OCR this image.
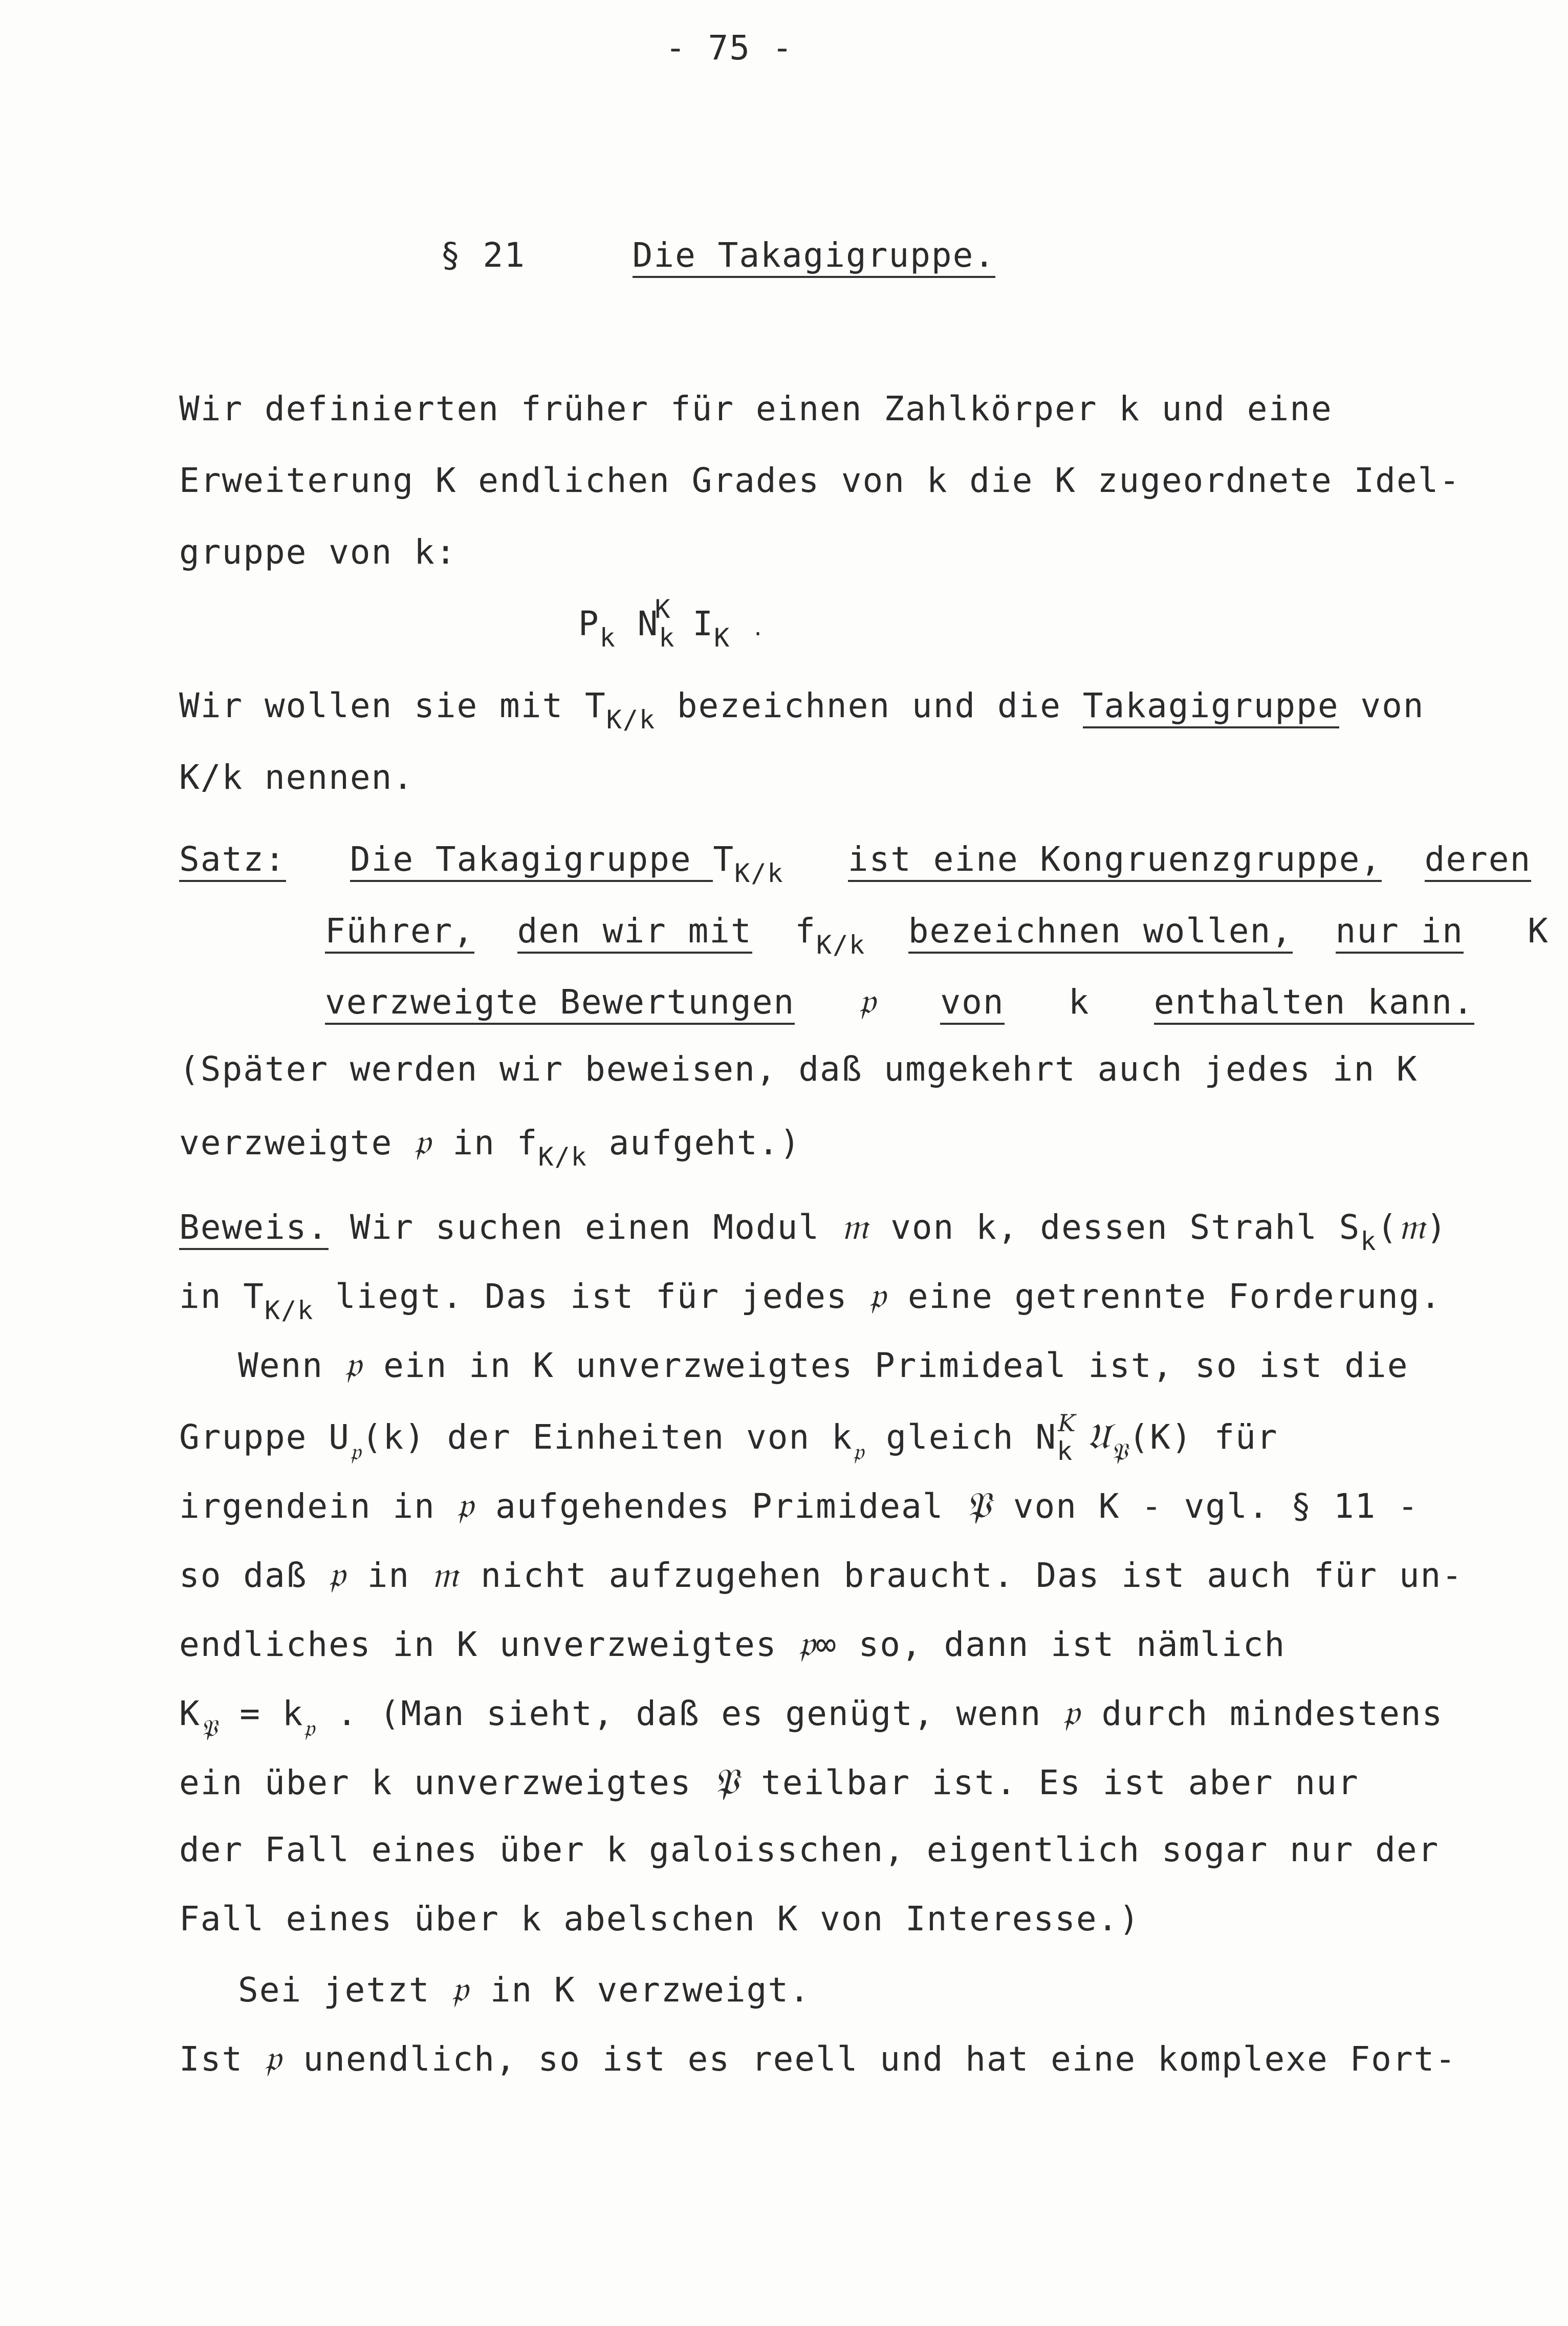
- 75 -
§ 21	Die Takagigruppe.
Wir definierten früher für einen Zahlkörper k und eine
Erweiterung K endlichen Grades von k die K zugeordnete Idel-
gruppe von k:
$P_k$ $N_k^K$ $I_K$ .
Wir wollen sie mit $T_{K/k}$ bezeichnen und die Takagigruppe von
K/k nennen.
Satz: Die Takagigruppe $T_{K/k}$ ist eine Kongruenzgruppe, deren
Führer, den wir mit $f_{K/k}$ bezeichnen wollen, nur in K
verzweigte Bewertungen 𝔭 von k enthalten kann.
(Später werden wir beweisen, daß umgekehrt auch jedes in K
verzweigte 𝔭 in $f_{K/k}$ aufgeht.)
Beweis. Wir suchen einen Modul 𝔪 von k, dessen Strahl $S_k(𝔪)$
in $T_{K/k}$ liegt. Das ist für jedes 𝔭 eine getrennte Forderung.
Wenn 𝔭 ein in K unverzweigtes Primideal ist, so ist die
Gruppe $U_𝔭(k)$ der Einheiten von $k_𝔭$ gleich $N_k^K$ 𝔘$_𝔓$(K) für
irgendein in 𝔭 aufgehendes Primideal 𝔓 von K - vgl. § 11 -
so daß 𝔭 in 𝔪 nicht aufzugehen braucht. Das ist auch für un-
endliches in K unverzweigtes 𝔭∞ so, dann ist nämlich
$K_𝔓 = k_𝔭$ . (Man sieht, daß es genügt, wenn 𝔭 durch mindestens
ein über k unverzweigtes 𝔓 teilbar ist. Es ist aber nur
der Fall eines über k galoisschen, eigentlich sogar nur der
Fall eines über k abelschen K von Interesse.)
Sei jetzt 𝔭 in K verzweigt.
Ist 𝔭 unendlich, so ist es reell und hat eine komplexe Fort-
